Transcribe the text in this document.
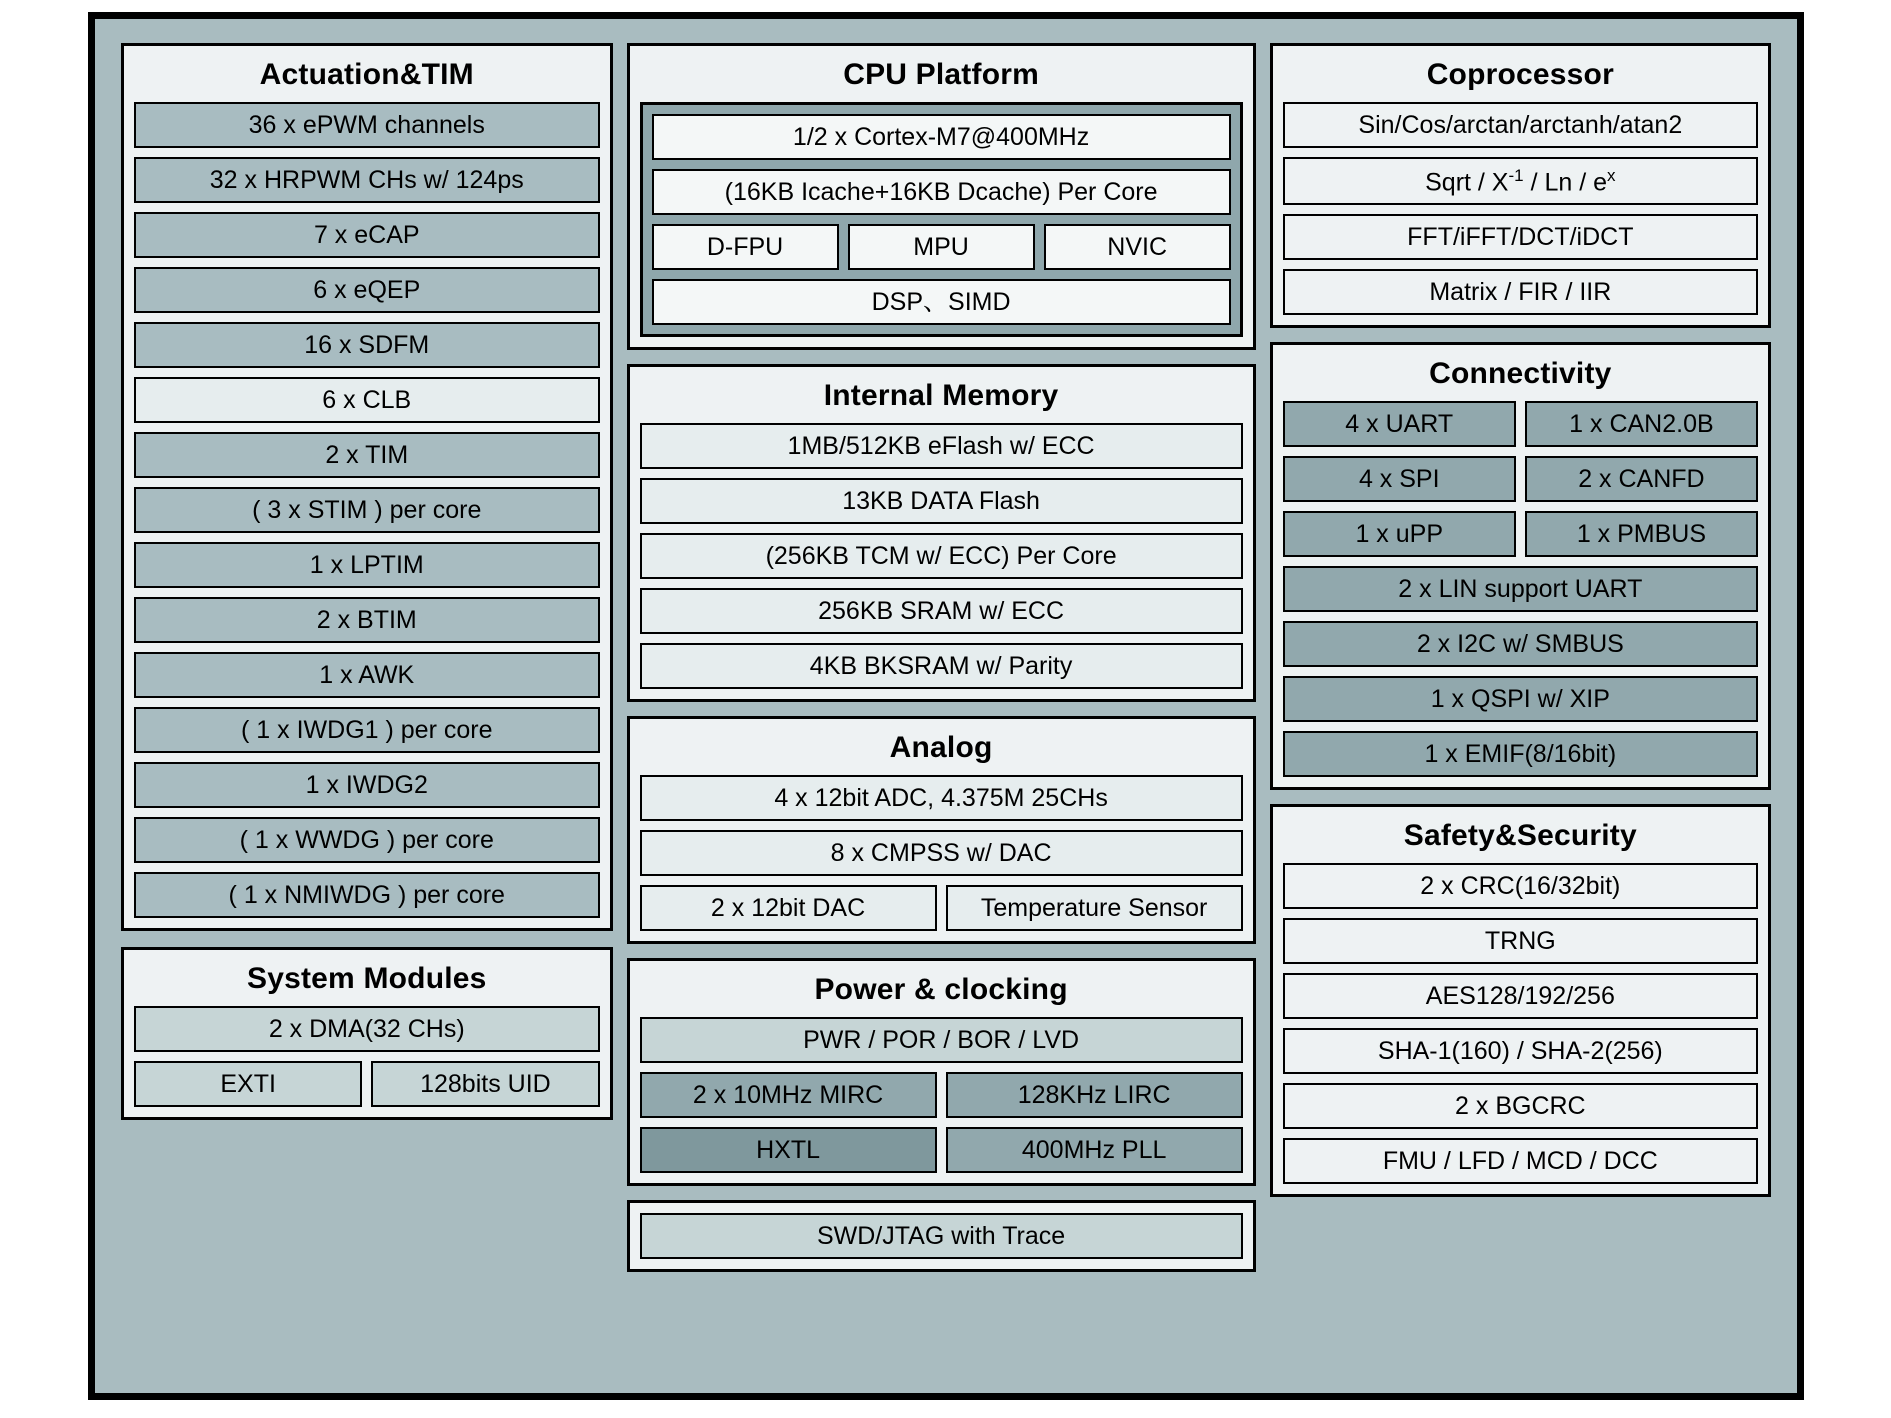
Actuation&TIM
36 x ePWM channels
32 x HRPWM CHs w/ 124ps
7 x eCAP
6 x eQEP
16 x SDFM
6 x CLB
2 x TIM
( 3 x STIM ) per core
1 x LPTIM
2 x BTIM
1 x AWK
( 1 x IWDG1 ) per core
1 x IWDG2
( 1 x WWDG ) per core
( 1 x NMIWDG ) per core
System Modules
2 x DMA(32 CHs)
EXTI	128bits UID
CPU Platform
1/2 x Cortex-M7@400MHz
(16KB Icache+16KB Dcache) Per Core
D-FPU	MPU	NVIC
DSP、SIMD
Internal Memory
1MB/512KB eFlash w/ ECC
13KB DATA Flash
(256KB TCM w/ ECC) Per Core
256KB SRAM w/ ECC
4KB BKSRAM w/ Parity
Analog
4 x 12bit ADC, 4.375M 25CHs
8 x CMPSS w/ DAC
2 x 12bit DAC	Temperature Sensor
Power & clocking
PWR / POR / BOR / LVD
2 x 10MHz MIRC	128KHz LIRC
HXTL	400MHz PLL
SWD/JTAG with Trace
Coprocessor
Sin/Cos/arctan/arctanh/atan2
Sqrt / $X^{-1}$ / Ln / $e^x$
FFT/iFFT/DCT/iDCT
Matrix / FIR / IIR
Connectivity
4 x UART	1 x CAN2.0B
4 x SPI	2 x CANFD
1 x uPP	1 x PMBUS
2 x LIN support UART
2 x I2C w/ SMBUS
1 x QSPI w/ XIP
1 x EMIF(8/16bit)
Safety&Security
2 x CRC(16/32bit)
TRNG
AES128/192/256
SHA-1(160) / SHA-2(256)
2 x BGCRC
FMU / LFD / MCD / DCC
